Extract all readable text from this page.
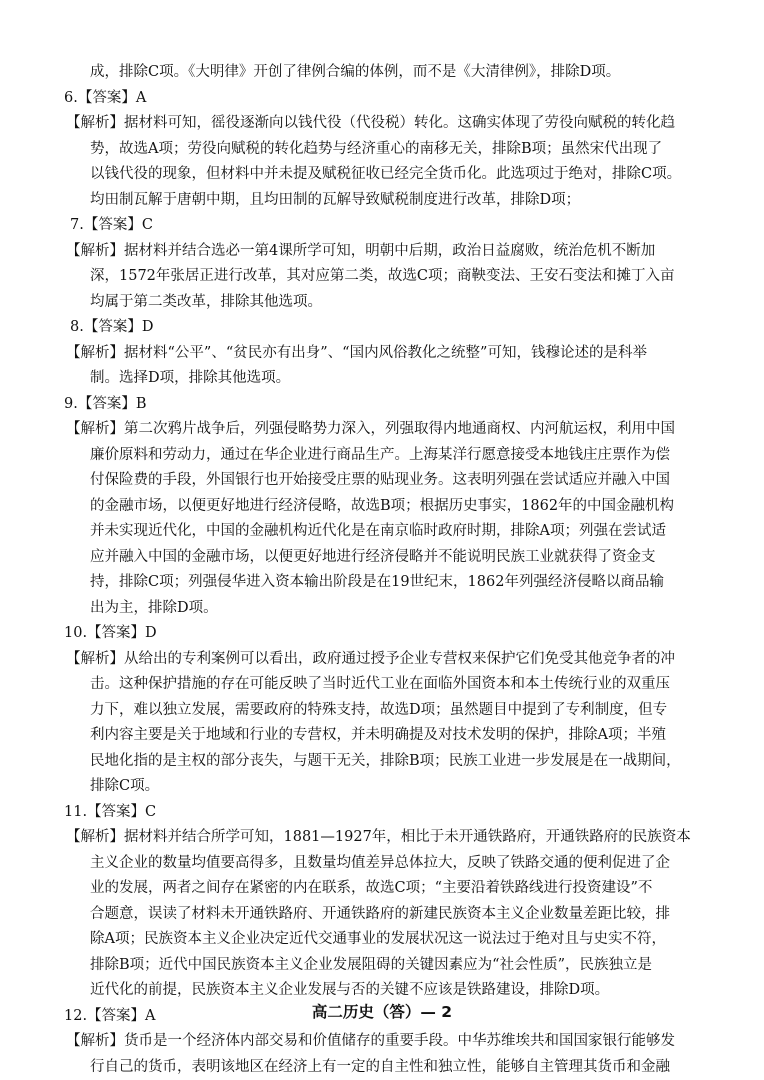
成，排除C项。《大明律》开创了律例合编的体例，而不是《大清律例》，排除D项。
6.【答案】A
【解析】据材料可知，徭役逐渐向以钱代役（代役税）转化。这确实体现了劳役向赋税的转化趋
势，故选A项；劳役向赋税的转化趋势与经济重心的南移无关，排除B项；虽然宋代出现了
以钱代役的现象，但材料中并未提及赋税征收已经完全货币化。此选项过于绝对，排除C项。
均田制瓦解于唐朝中期，且均田制的瓦解导致赋税制度进行改革，排除D项；
7.【答案】C
【解析】据材料并结合选必一第4课所学可知，明朝中后期，政治日益腐败，统治危机不断加
深，1572年张居正进行改革，其对应第二类，故选C项；商鞅变法、王安石变法和摊丁入亩
均属于第二类改革，排除其他选项。
8.【答案】D
【解析】据材料“公平”、“贫民亦有出身”、“国内风俗教化之统整”可知，钱穆论述的是科举
制。选择D项，排除其他选项。
9.【答案】B
【解析】第二次鸦片战争后，列强侵略势力深入，列强取得内地通商权、内河航运权，利用中国
廉价原料和劳动力，通过在华企业进行商品生产。上海某洋行愿意接受本地钱庄庄票作为偿
付保险费的手段，外国银行也开始接受庄票的贴现业务。这表明列强在尝试适应并融入中国
的金融市场，以便更好地进行经济侵略，故选B项；根据历史事实，1862年的中国金融机构
并未实现近代化，中国的金融机构近代化是在南京临时政府时期，排除A项；列强在尝试适
应并融入中国的金融市场，以便更好地进行经济侵略并不能说明民族工业就获得了资金支
持，排除C项；列强侵华进入资本输出阶段是在19世纪末，1862年列强经济侵略以商品输
出为主，排除D项。
10.【答案】D
【解析】从给出的专利案例可以看出，政府通过授予企业专营权来保护它们免受其他竞争者的冲
击。这种保护措施的存在可能反映了当时近代工业在面临外国资本和本土传统行业的双重压
力下，难以独立发展，需要政府的特殊支持，故选D项；虽然题目中提到了专利制度，但专
利内容主要是关于地域和行业的专营权，并未明确提及对技术发明的保护，排除A项；半殖
民地化指的是主权的部分丧失，与题干无关，排除B项；民族工业进一步发展是在一战期间，
排除C项。
11.【答案】C
【解析】据材料并结合所学可知，1881—1927年，相比于未开通铁路府，开通铁路府的民族资本
主义企业的数量均值要高得多，且数量均值差异总体拉大，反映了铁路交通的便利促进了企
业的发展，两者之间存在紧密的内在联系，故选C项；“主要沿着铁路线进行投资建设”不
合题意，误读了材料未开通铁路府、开通铁路府的新建民族资本主义企业数量差距比较，排
除A项；民族资本主义企业决定近代交通事业的发展状况这一说法过于绝对且与史实不符，
排除B项；近代中国民族资本主义企业发展阻碍的关键因素应为“社会性质”，民族独立是
近代化的前提，民族资本主义企业发展与否的关键不应该是铁路建设，排除D项。
12.【答案】A
【解析】货币是一个经济体内部交易和价值储存的重要手段。中华苏维埃共和国国家银行能够发
行自己的货币，表明该地区在经济上有一定的自主性和独立性，能够自主管理其货币和金融
高二历史（答）— 2
